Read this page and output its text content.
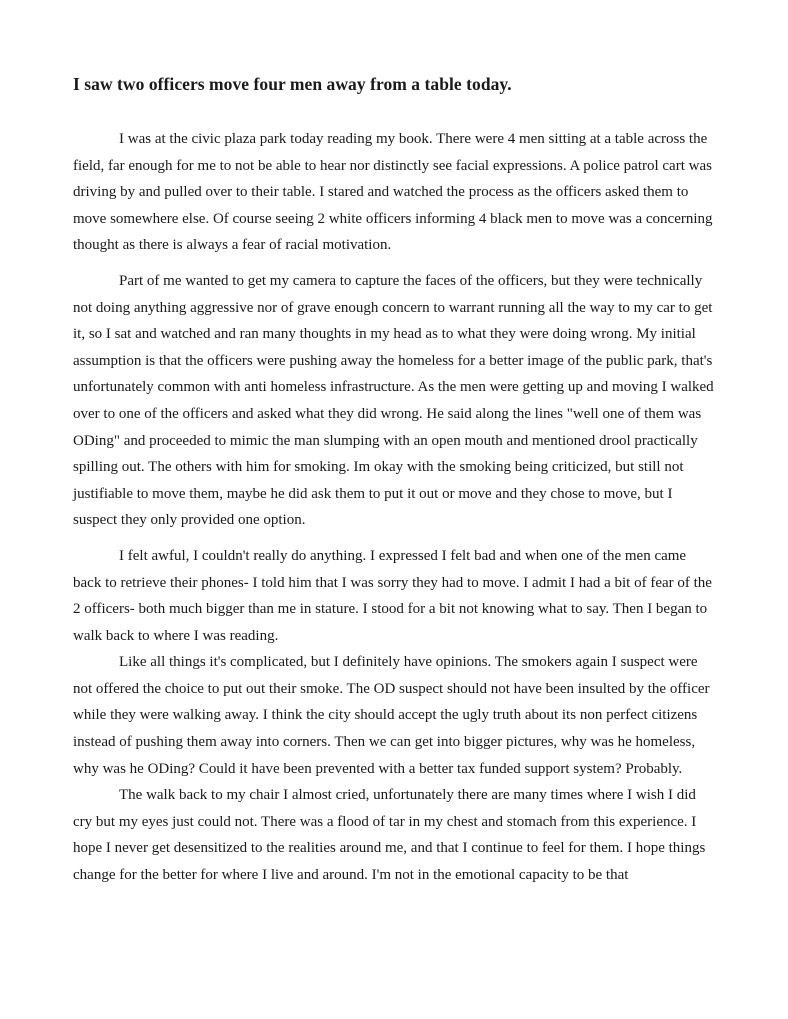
I saw two officers move four men away from a table today.

I was at the civic plaza park today reading my book. There were 4 men sitting at a table across the field, far enough for me to not be able to hear nor distinctly see facial expressions. A police patrol cart was driving by and pulled over to their table. I stared and watched the process as the officers asked them to move somewhere else. Of course seeing 2 white officers informing 4 black men to move was a concerning thought as there is always a fear of racial motivation.

Part of me wanted to get my camera to capture the faces of the officers, but they were technically not doing anything aggressive nor of grave enough concern to warrant running all the way to my car to get it, so I sat and watched and ran many thoughts in my head as to what they were doing wrong. My initial assumption is that the officers were pushing away the homeless for a better image of the public park, that's unfortunately common with anti homeless infrastructure. As the men were getting up and moving I walked over to one of the officers and asked what they did wrong. He said along the lines "well one of them was ODing" and proceeded to mimic the man slumping with an open mouth and mentioned drool practically spilling out. The others with him for smoking. Im okay with the smoking being criticized, but still not justifiable to move them, maybe he did ask them to put it out or move and they chose to move, but I suspect they only provided one option.

I felt awful, I couldn't really do anything. I expressed I felt bad and when one of the men came back to retrieve their phones- I told him that I was sorry they had to move. I admit I had a bit of fear of the 2 officers- both much bigger than me in stature. I stood for a bit not knowing what to say. Then I began to walk back to where I was reading.

Like all things it's complicated, but I definitely have opinions. The smokers again I suspect were not offered the choice to put out their smoke. The OD suspect should not have been insulted by the officer while they were walking away. I think the city should accept the ugly truth about its non perfect citizens instead of pushing them away into corners. Then we can get into bigger pictures, why was he homeless, why was he ODing? Could it have been prevented with a better tax funded support system? Probably.

The walk back to my chair I almost cried, unfortunately there are many times where I wish I did cry but my eyes just could not. There was a flood of tar in my chest and stomach from this experience. I hope I never get desensitized to the realities around me, and that I continue to feel for them. I hope things change for the better for where I live and around. I'm not in the emotional capacity to be that
